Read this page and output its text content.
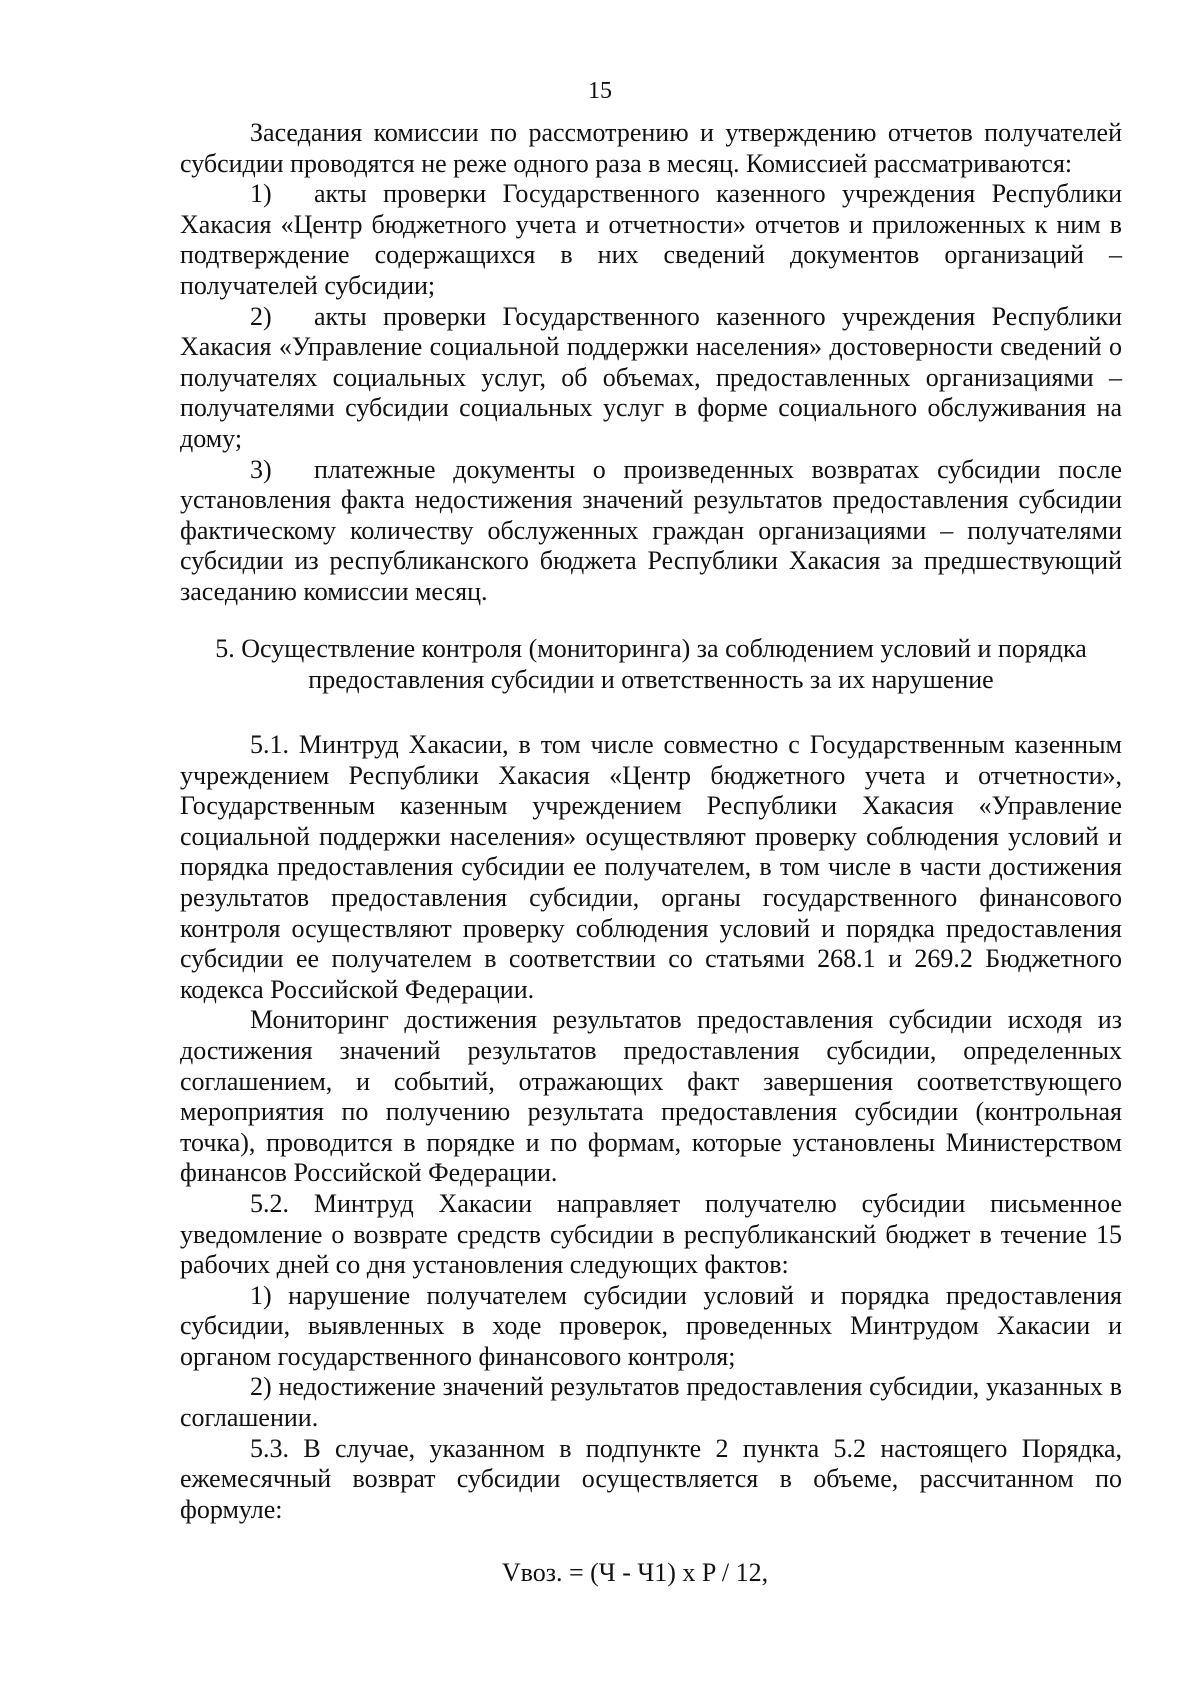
15

Заседания комиссии по рассмотрению и утверждению отчетов получателей субсидии проводятся не реже одного раза в месяц. Комиссией рассматриваются:

1) акты проверки Государственного казенного учреждения Республики Хакасия «Центр бюджетного учета и отчетности» отчетов и приложенных к ним в подтверждение содержащихся в них сведений документов организаций – получателей субсидии;

2) акты проверки Государственного казенного учреждения Республики Хакасия «Управление социальной поддержки населения» достоверности сведений о получателях социальных услуг, об объемах, предоставленных организациями – получателями субсидии социальных услуг в форме социального обслуживания на дому;

3) платежные документы о произведенных возвратах субсидии после установления факта недостижения значений результатов предоставления субсидии фактическому количеству обслуженных граждан организациями – получателями субсидии из республиканского бюджета Республики Хакасия за предшествующий заседанию комиссии месяц.

5. Осуществление контроля (мониторинга) за соблюдением условий и порядка
предоставления субсидии и ответственность за их нарушение

5.1. Минтруд Хакасии, в том числе совместно с Государственным казенным учреждением Республики Хакасия «Центр бюджетного учета и отчетности», Государственным казенным учреждением Республики Хакасия «Управление социальной поддержки населения» осуществляют проверку соблюдения условий и порядка предоставления субсидии ее получателем, в том числе в части достижения результатов предоставления субсидии, органы государственного финансового контроля осуществляют проверку соблюдения условий и порядка предоставления субсидии ее получателем в соответствии со статьями 268.1 и 269.2 Бюджетного кодекса Российской Федерации.

Мониторинг достижения результатов предоставления субсидии исходя из достижения значений результатов предоставления субсидии, определенных соглашением, и событий, отражающих факт завершения соответствующего мероприятия по получению результата предоставления субсидии (контрольная точка), проводится в порядке и по формам, которые установлены Министерством финансов Российской Федерации.

5.2. Минтруд Хакасии направляет получателю субсидии письменное уведомление о возврате средств субсидии в республиканский бюджет в течение 15 рабочих дней со дня установления следующих фактов:

1) нарушение получателем субсидии условий и порядка предоставления субсидии, выявленных в ходе проверок, проведенных Минтрудом Хакасии и органом государственного финансового контроля;

2) недостижение значений результатов предоставления субсидии, указанных в соглашении.

5.3. В случае, указанном в подпункте 2 пункта 5.2 настоящего Порядка, ежемесячный возврат субсидии осуществляется в объеме, рассчитанном по формуле:

Vвоз. = (Ч - Ч1) x P / 12,
